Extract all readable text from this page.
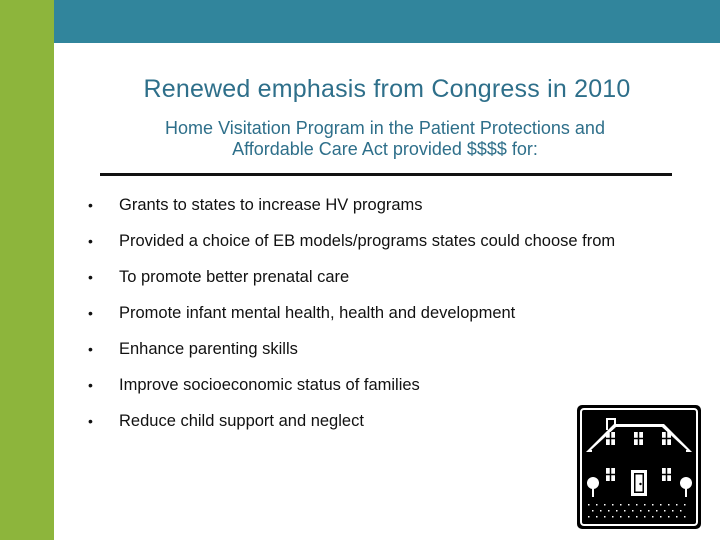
Renewed emphasis from Congress in 2010
Home Visitation Program in the Patient Protections and
Affordable Care Act provided $$$$ for:
•	Grants to states to increase HV programs
•	Provided a choice of EB models/programs states could choose from
•	To promote better prenatal care
•	Promote infant mental health, health and development
•	Enhance parenting skills
•	Improve socioeconomic status of families
•	Reduce child support and neglect
